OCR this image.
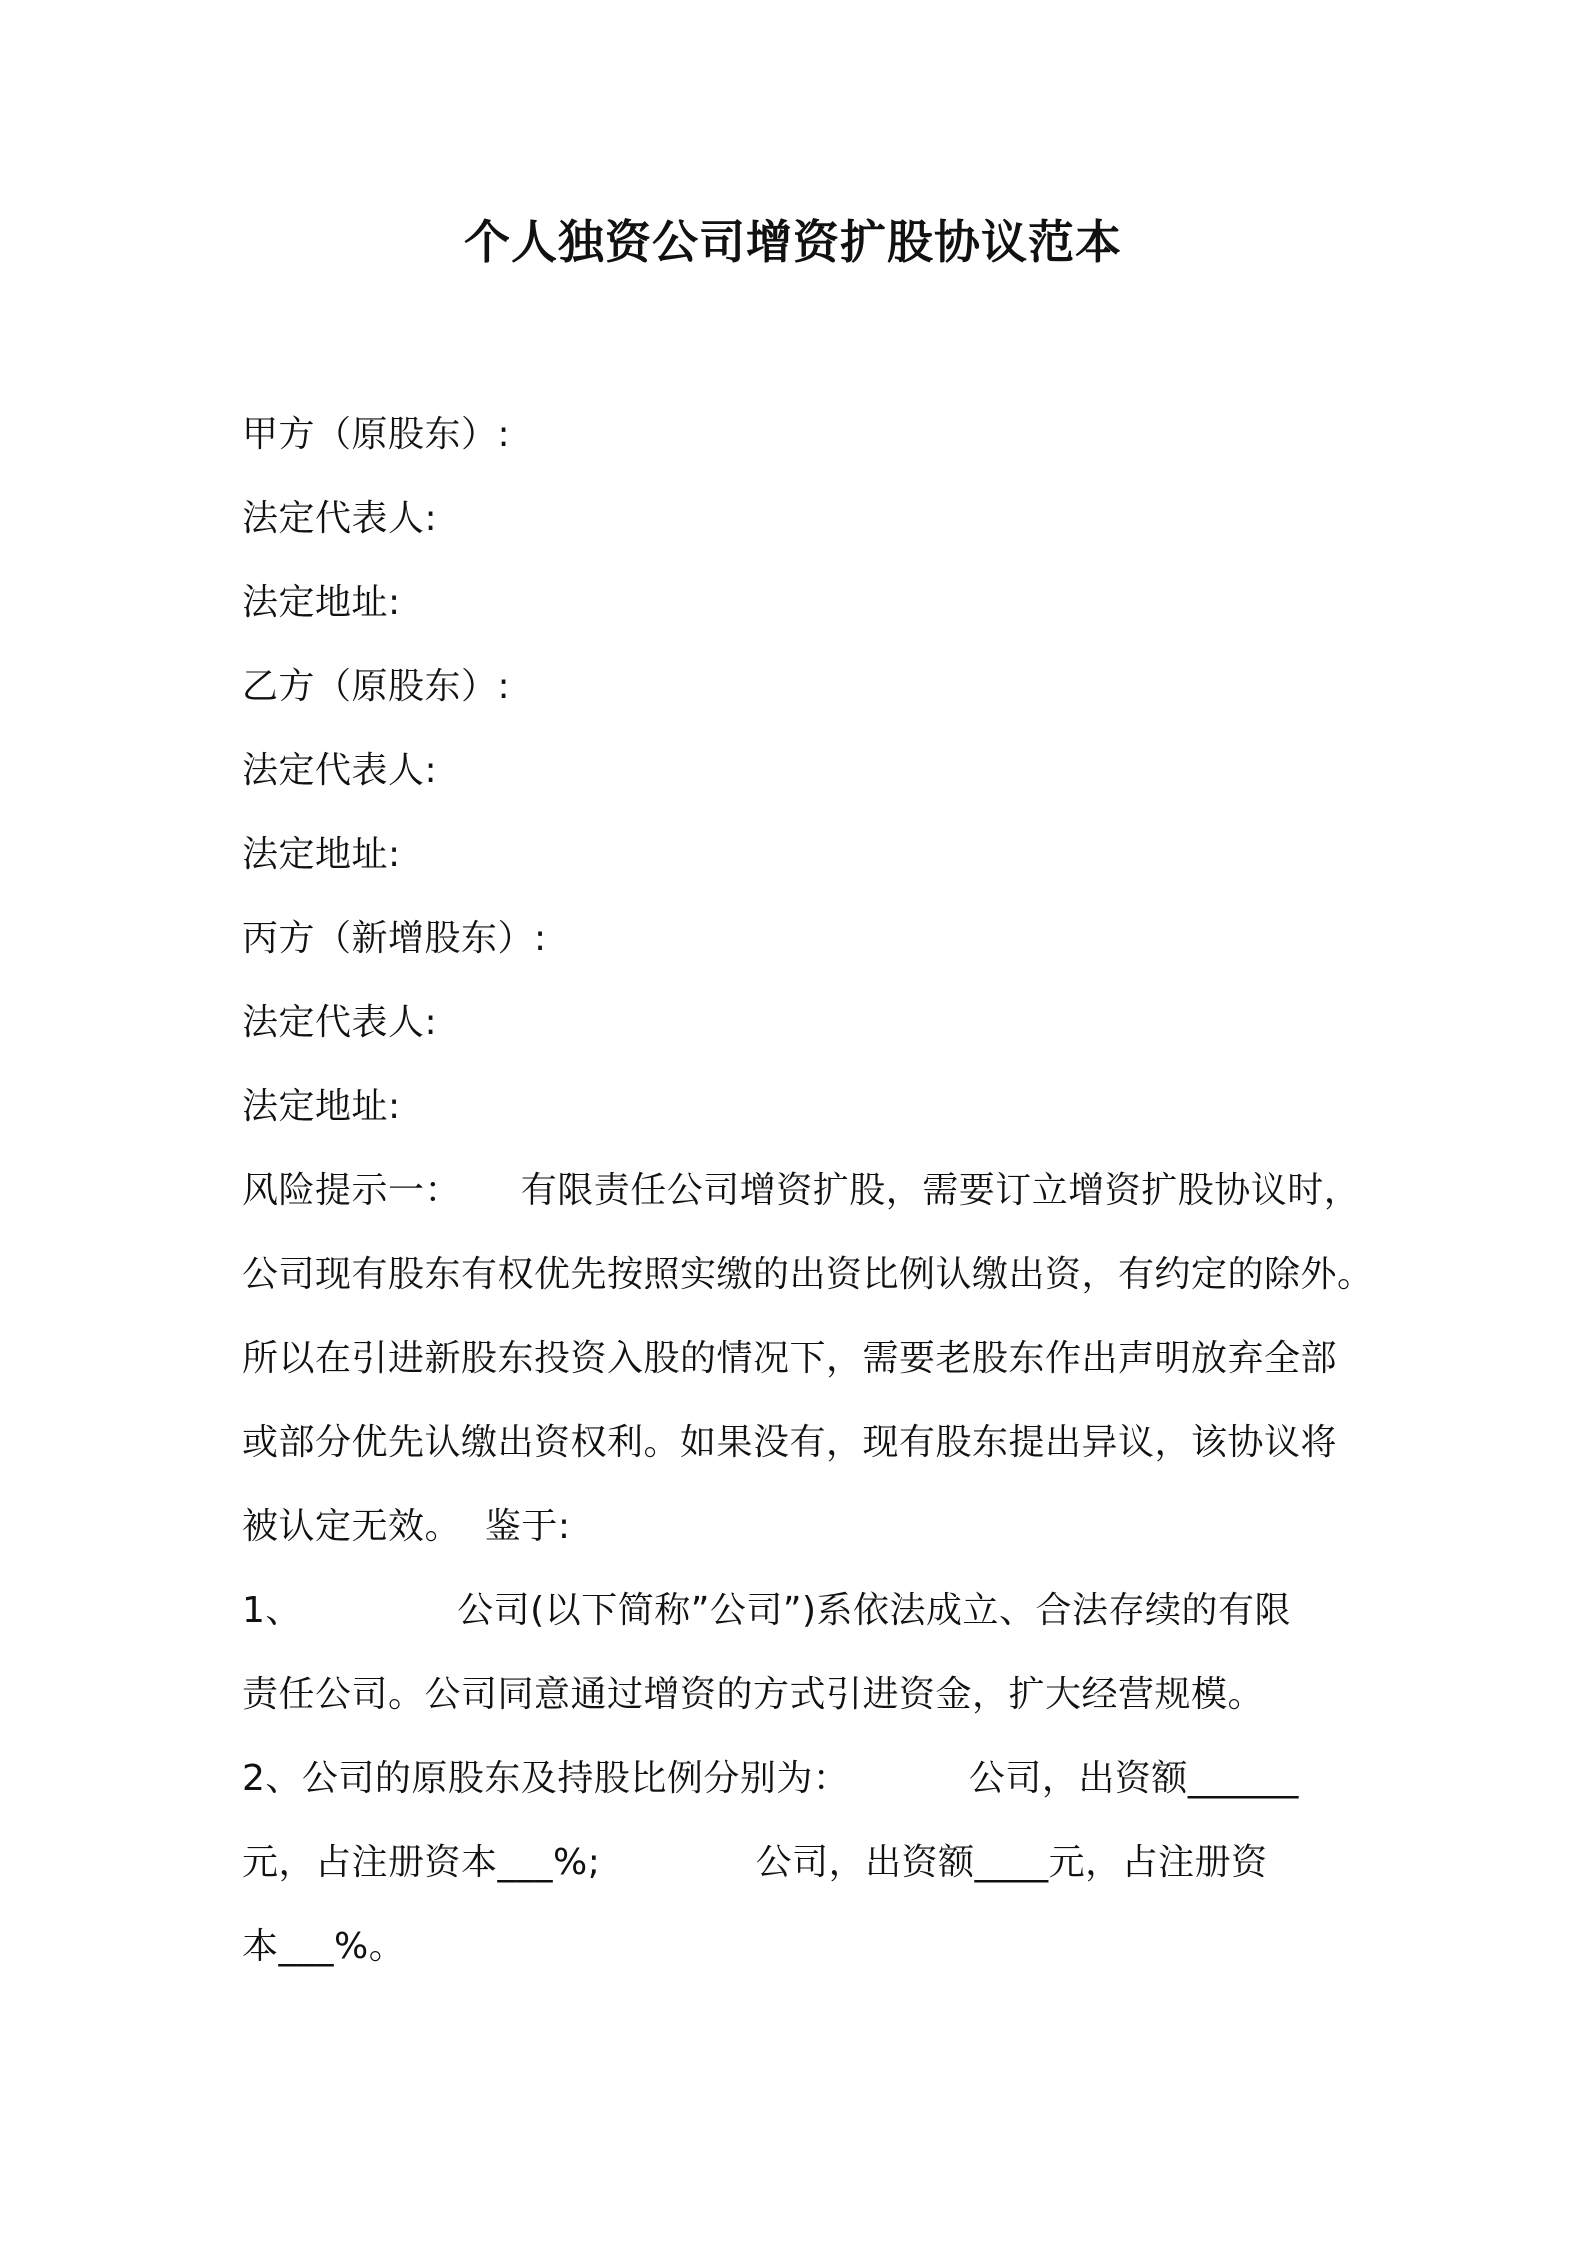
个人独资公司增资扩股协议范本
甲方（原股东）:
法定代表人:
法定地址:
乙方（原股东）:
法定代表人:
法定地址:
丙方（新增股东）:
法定代表人:
法定地址:
风险提示一：     有限责任公司增资扩股，需要订立增资扩股协议时，
公司现有股东有权优先按照实缴的出资比例认缴出资，有约定的除外。
所以在引进新股东投资入股的情况下，需要老股东作出声明放弃全部
或部分优先认缴出资权利。如果没有，现有股东提出异议，该协议将
被认定无效。  鉴于:
1、             公司(以下简称”公司”)系依法成立、合法存续的有限
责任公司。公司同意通过增资的方式引进资金，扩大经营规模。
2、公司的原股东及持股比例分别为：          公司，出资额______
元，占注册资本___%;             公司，出资额____元，占注册资
本___%。
